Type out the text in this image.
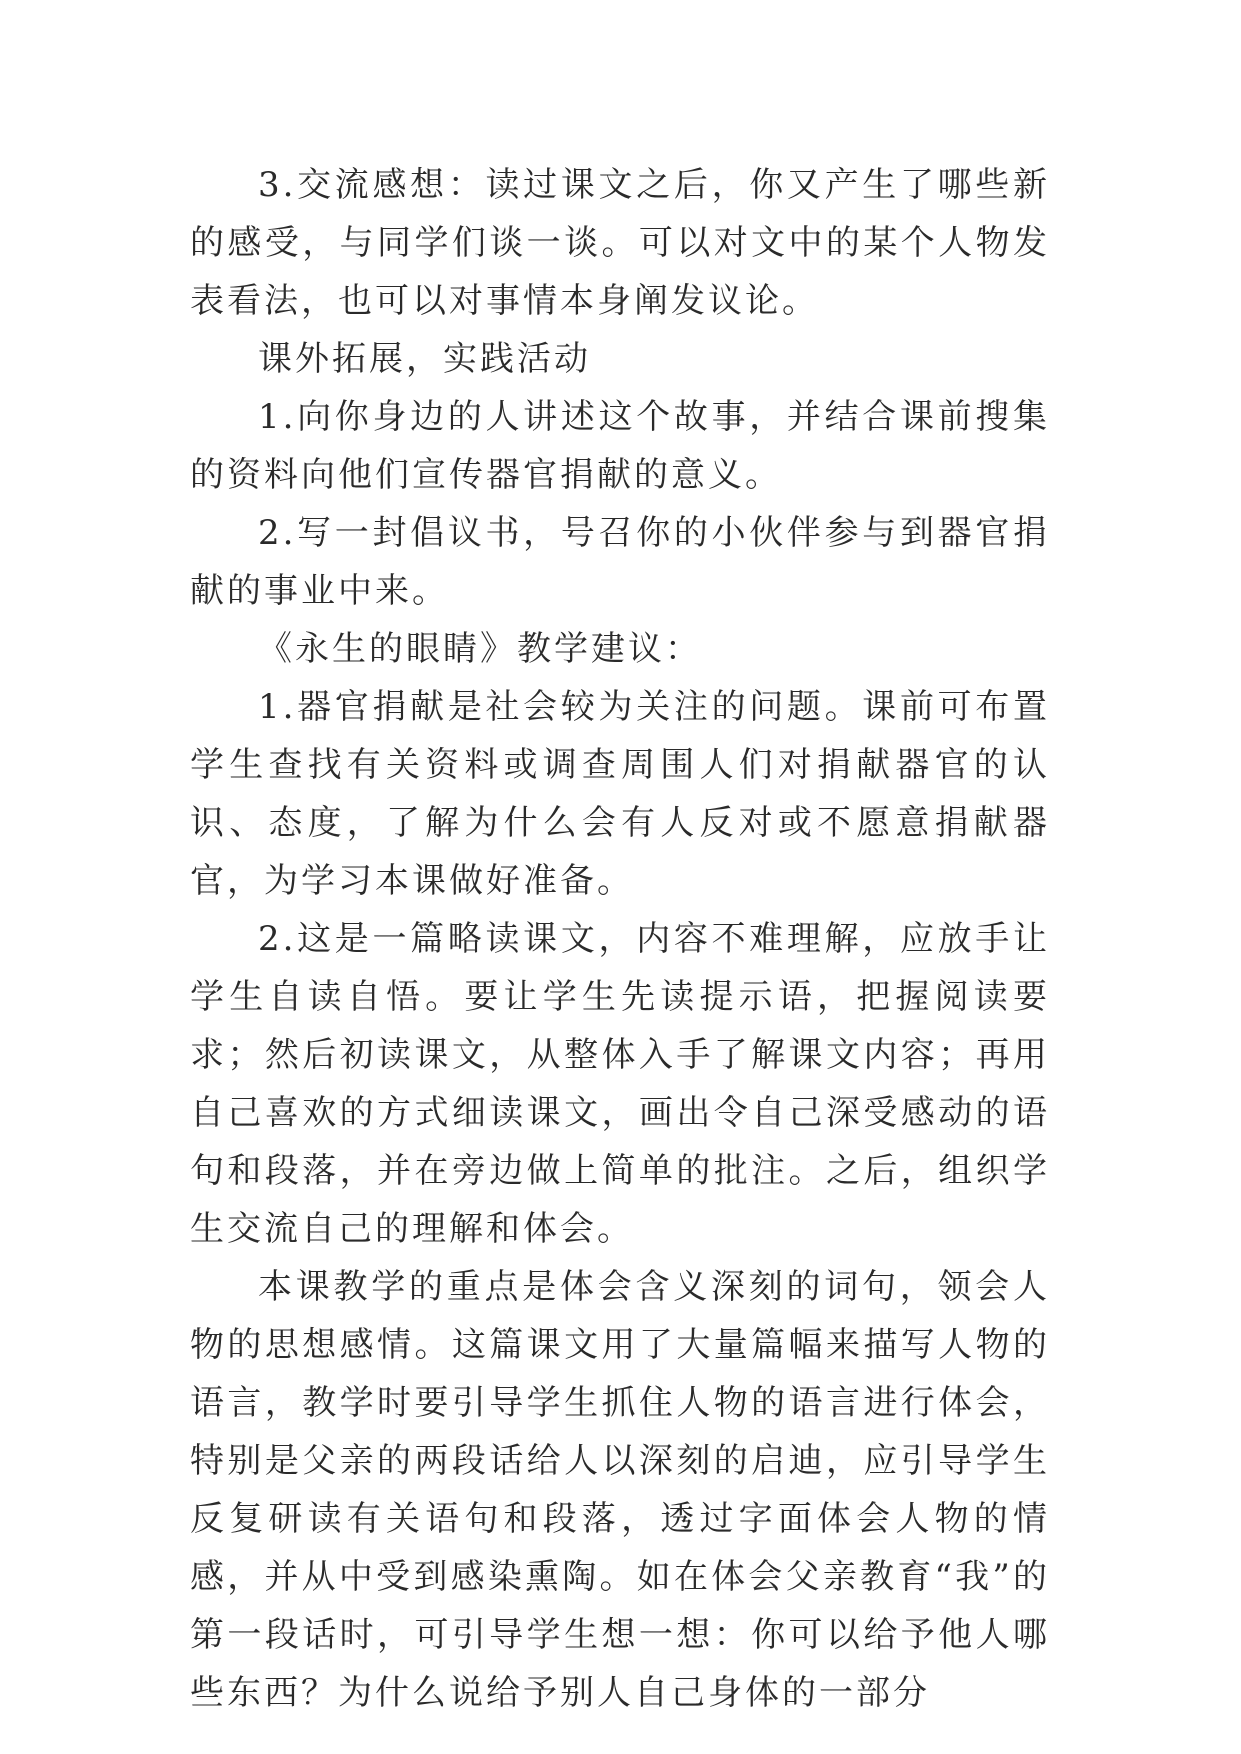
3.交流感想：读过课文之后，你又产生了哪些新的感受，与同学们谈一谈。可以对文中的某个人物发表看法，也可以对事情本身阐发议论。

课外拓展，实践活动

1.向你身边的人讲述这个故事，并结合课前搜集的资料向他们宣传器官捐献的意义。

2.写一封倡议书，号召你的小伙伴参与到器官捐献的事业中来。

《永生的眼睛》教学建议：

1.器官捐献是社会较为关注的问题。课前可布置学生查找有关资料或调查周围人们对捐献器官的认识、态度，了解为什么会有人反对或不愿意捐献器官，为学习本课做好准备。

2.这是一篇略读课文，内容不难理解，应放手让学生自读自悟。要让学生先读提示语，把握阅读要求；然后初读课文，从整体入手了解课文内容；再用自己喜欢的方式细读课文，画出令自己深受感动的语句和段落，并在旁边做上简单的批注。之后，组织学生交流自己的理解和体会。

本课教学的重点是体会含义深刻的词句，领会人物的思想感情。这篇课文用了大量篇幅来描写人物的语言，教学时要引导学生抓住人物的语言进行体会，特别是父亲的两段话给人以深刻的启迪，应引导学生反复研读有关语句和段落，透过字面体会人物的情感，并从中受到感染熏陶。如在体会父亲教育“我”的第一段话时，可引导学生想一想：你可以给予他人哪些东西？为什么说给予别人自己身体的一部分
